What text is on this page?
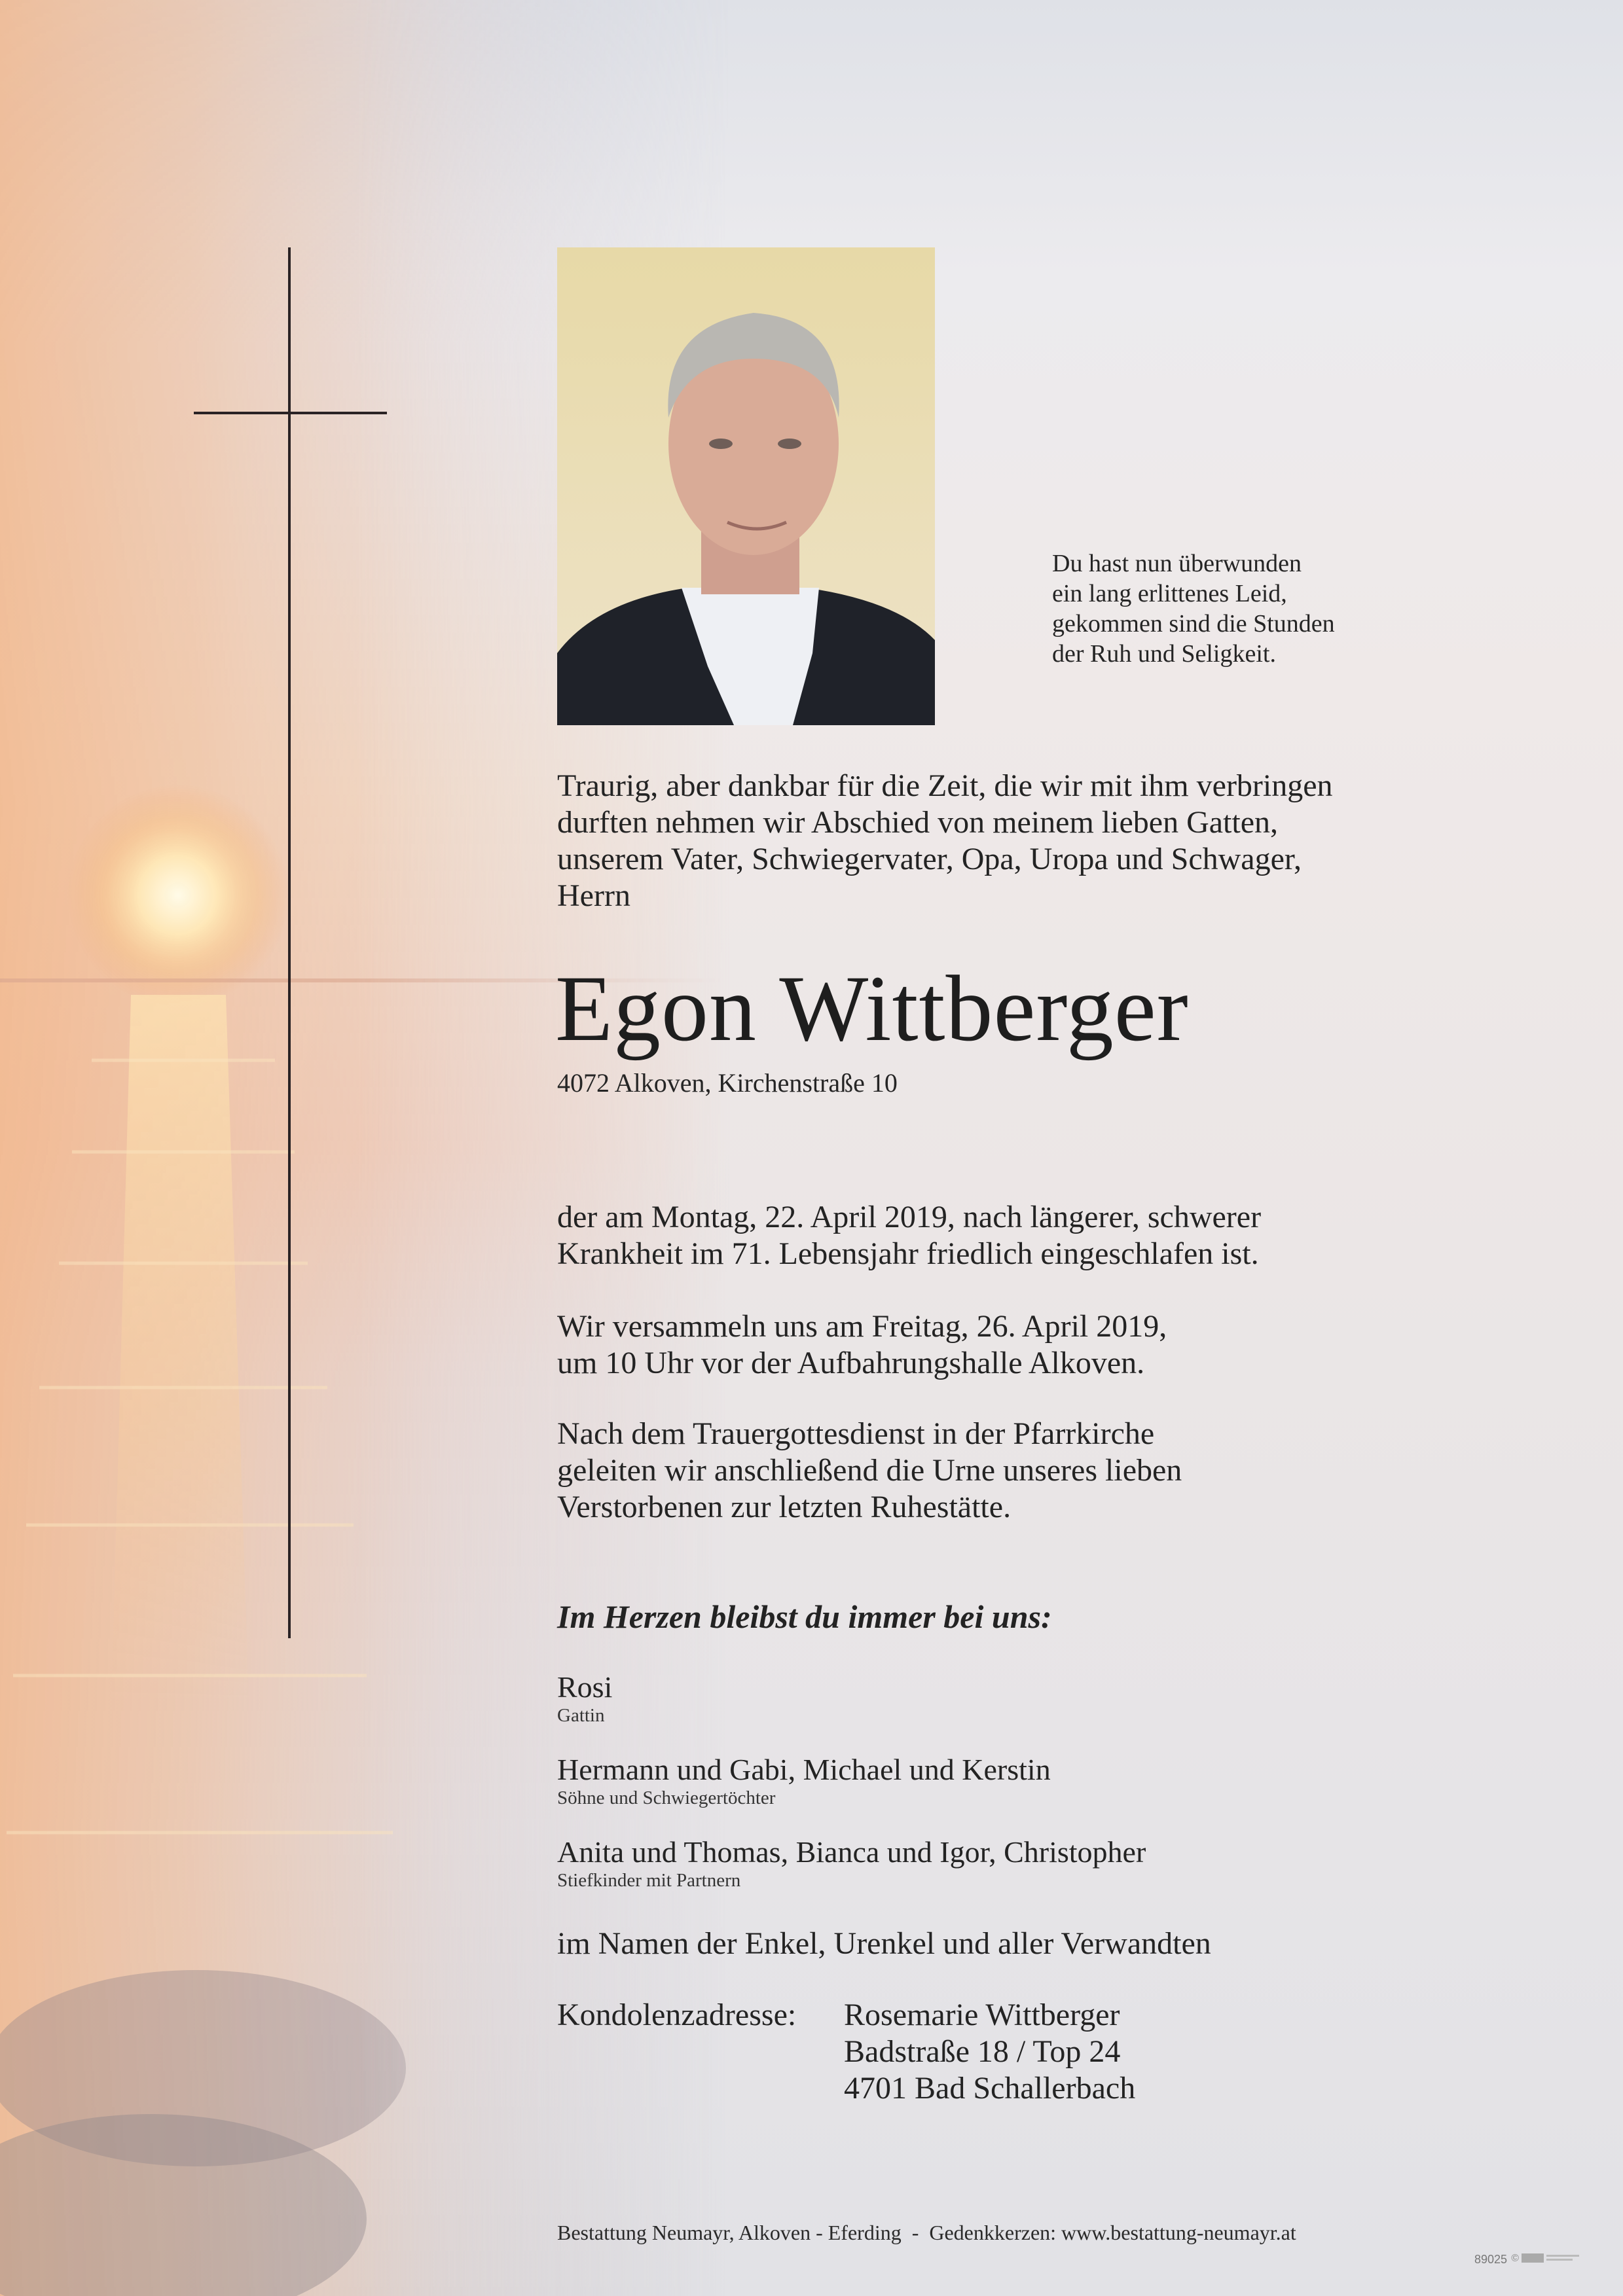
Du hast nun überwunden
ein lang erlittenes Leid,
gekommen sind die Stunden
der Ruh und Seligkeit.
Traurig, aber dankbar für die Zeit, die wir mit ihm verbringen
durften nehmen wir Abschied von meinem lieben Gatten,
unserem Vater, Schwiegervater, Opa, Uropa und Schwager,
Herrn
Egon Wittberger
4072 Alkoven, Kirchenstraße 10
der am Montag, 22. April 2019, nach längerer, schwerer
Krankheit im 71. Lebensjahr friedlich eingeschlafen ist.
Wir versammeln uns am Freitag, 26. April 2019,
um 10 Uhr vor der Aufbahrungshalle Alkoven.
Nach dem Trauergottesdienst in der Pfarrkirche
geleiten wir anschließend die Urne unseres lieben
Verstorbenen zur letzten Ruhestätte.
Im Herzen bleibst du immer bei uns:
Rosi
Gattin
Hermann und Gabi, Michael und Kerstin
Söhne und Schwiegertöchter
Anita und Thomas, Bianca und Igor, Christopher
Stiefkinder mit Partnern
im Namen der Enkel, Urenkel und aller Verwandten
Kondolenzadresse: Rosemarie Wittberger
Badstraße 18 / Top 24
4701 Bad Schallerbach
Bestattung Neumayr, Alkoven - Eferding  -  Gedenkkerzen: www.bestattung-neumayr.at
89025 ©
